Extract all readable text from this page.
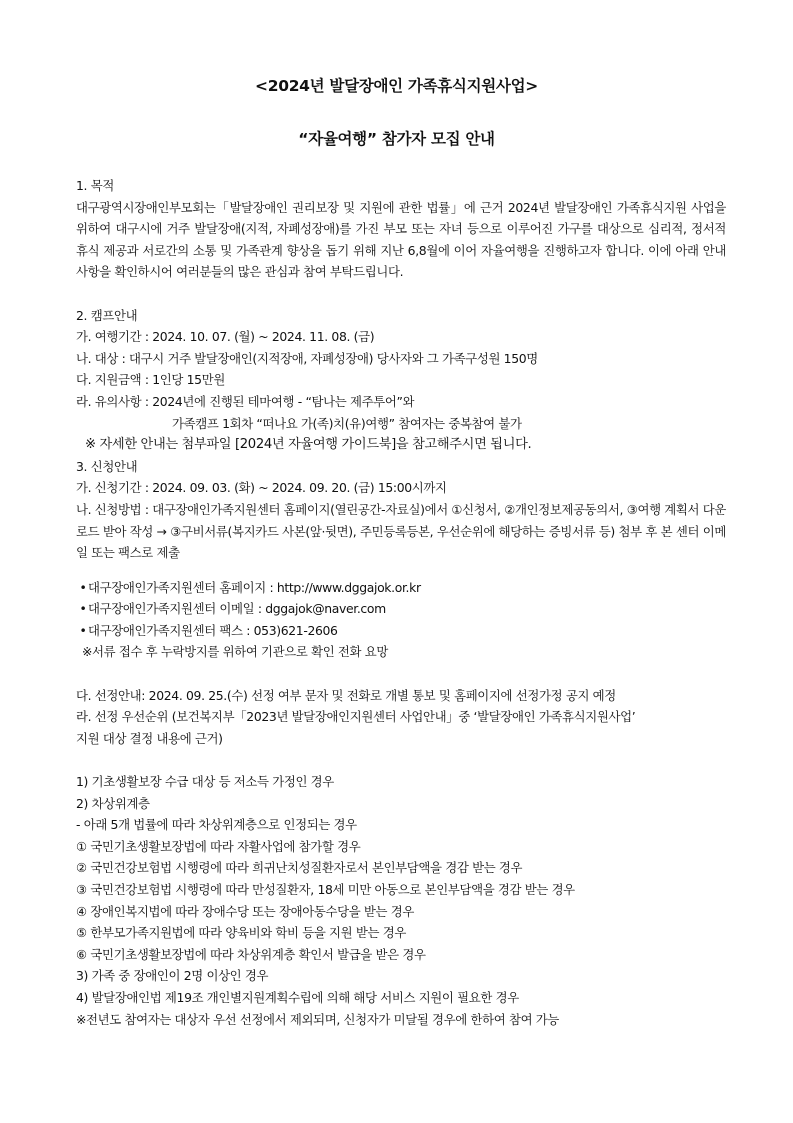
<2024년 발달장애인 가족휴식지원사업>
“자율여행” 참가자 모집 안내

1. 목적

대구광역시장애인부모회는「발달장애인 권리보장 및 지원에 관한 법률」에 근거 2024년 발달장애인 가족휴식지원 사업을 위하여 대구시에 거주 발달장애(지적, 자폐성장애)를 가진 부모 또는 자녀 등으로 이루어진 가구를 대상으로 심리적, 정서적 휴식 제공과 서로간의 소통 및 가족관계 향상을 돕기 위해 지난 6,8월에 이어 자율여행을 진행하고자 합니다. 이에 아래 안내사항을 확인하시어 여러분들의 많은 관심과 참여 부탁드립니다.

2. 캠프안내

가. 여행기간 : 2024. 10. 07. (월) ~ 2024. 11. 08. (금)

나. 대상 : 대구시 거주 발달장애인(지적장애, 자폐성장애) 당사자와 그 가족구성원 150명

다. 지원금액 : 1인당 15만원

라. 유의사항 : 2024년에 진행된 테마여행 - “탐나는 제주투어”와

가족캠프 1회차 “떠나요 가(족)치(유)여행” 참여자는 중복참여 불가

※ 자세한 안내는 첨부파일 [2024년 자율여행 가이드북]을 참고해주시면 됩니다.

3. 신청안내

가. 신청기간 : 2024. 09. 03. (화) ~ 2024. 09. 20. (금) 15:00시까지

나. 신청방법 : 대구장애인가족지원센터 홈페이지(열린공간-자료실)에서 ①신청서, ②개인정보제공동의서, ③여행 계획서 다운로드 받아 작성 → ③구비서류(복지카드 사본(앞·뒷면), 주민등록등본, 우선순위에 해당하는 증빙서류 등) 첨부 후 본 센터 이메일 또는 팩스로 제출

• 대구장애인가족지원센터 홈페이지 : http://www.dggajok.or.kr

• 대구장애인가족지원센터 이메일 : dggajok@naver.com

• 대구장애인가족지원센터 팩스 : 053)621-2606

※서류 접수 후 누락방지를 위하여 기관으로 확인 전화 요망

다. 선정안내: 2024. 09. 25.(수) 선정 여부 문자 및 전화로 개별 통보 및 홈페이지에 선정가정 공지 예정

라. 선정 우선순위 (보건복지부「2023년 발달장애인지원센터 사업안내」중 ‘발달장애인 가족휴식지원사업’

지원 대상 결정 내용에 근거)

1) 기초생활보장 수급 대상 등 저소득 가정인 경우

2) 차상위계층

- 아래 5개 법률에 따라 차상위계층으로 인정되는 경우

① 국민기초생활보장법에 따라 자활사업에 참가할 경우

② 국민건강보험법 시행령에 따라 희귀난치성질환자로서 본인부담액을 경감 받는 경우

③ 국민건강보험법 시행령에 따라 만성질환자, 18세 미만 아동으로 본인부담액을 경감 받는 경우

④ 장애인복지법에 따라 장애수당 또는 장애아동수당을 받는 경우

⑤ 한부모가족지원법에 따라 양육비와 학비 등을 지원 받는 경우

⑥ 국민기초생활보장법에 따라 차상위계층 확인서 발급을 받은 경우

3) 가족 중 장애인이 2명 이상인 경우

4) 발달장애인법 제19조 개인별지원계획수립에 의해 해당 서비스 지원이 필요한 경우

※전년도 참여자는 대상자 우선 선정에서 제외되며, 신청자가 미달될 경우에 한하여 참여 가능
